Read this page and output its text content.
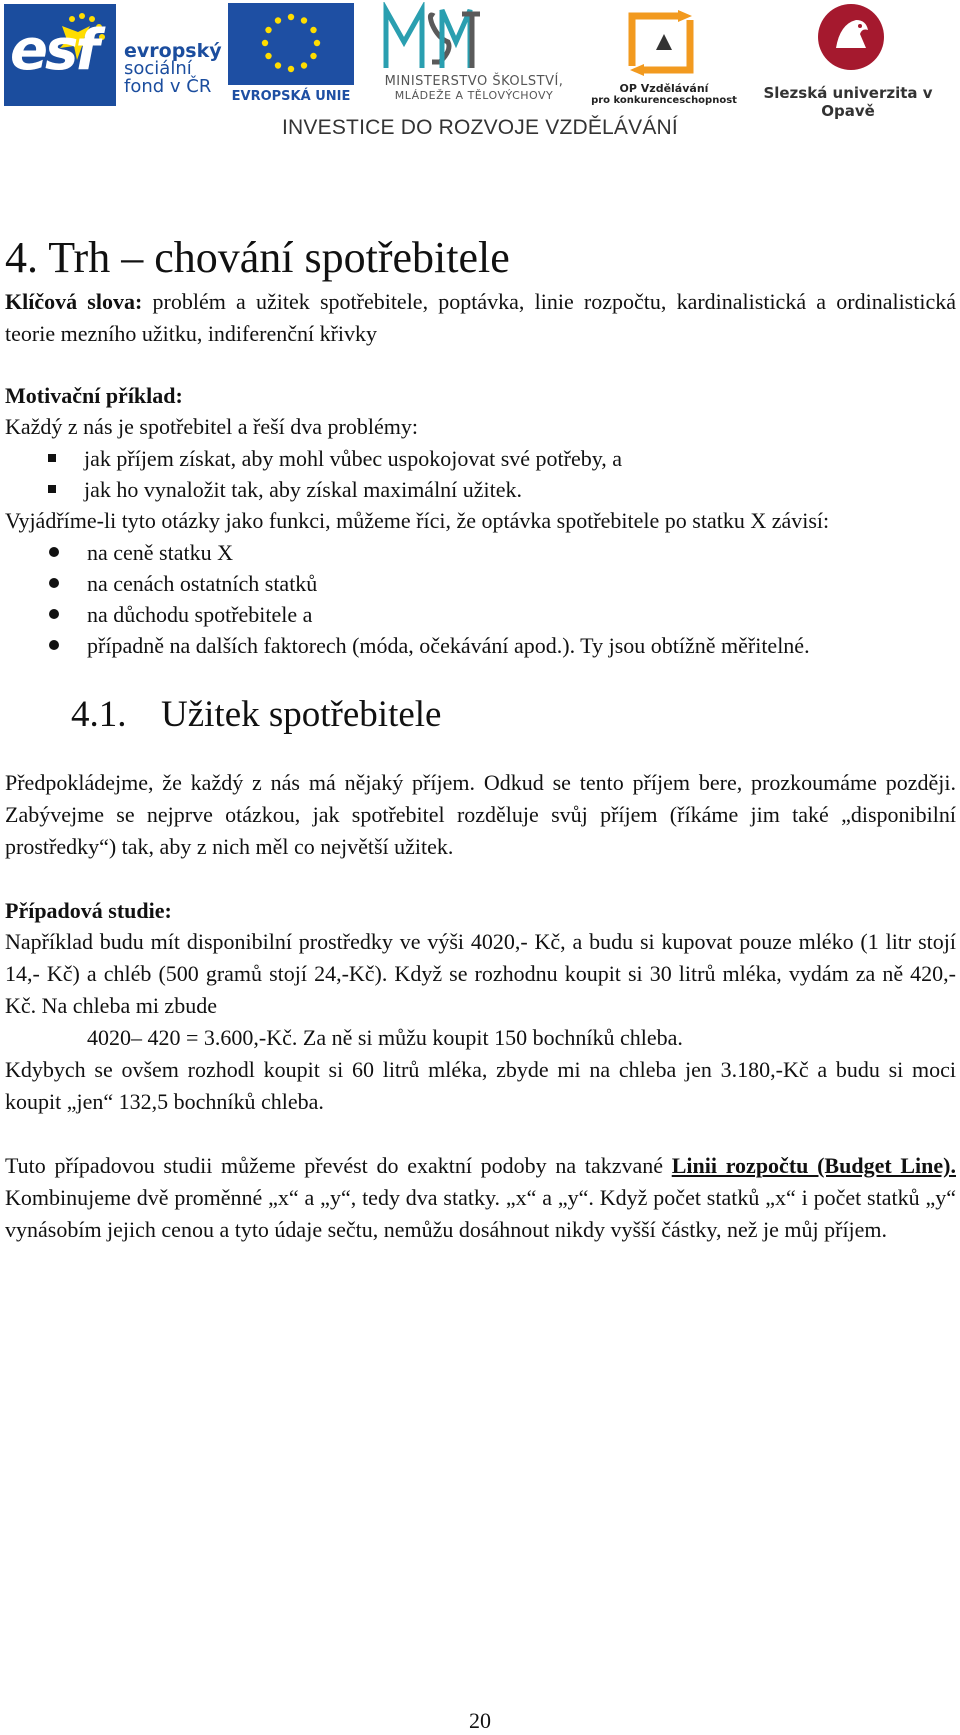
esf evropský
sociální
fond v ČR	EVROPSKÁ UNIE
MINISTERSTVO ŠKOLSTVÍ,
MLÁDEŽE A TĚLOVÝCHOVY
OP Vzdělávání
pro konkurenceschopnost	Slezská univerzita v Opavě
INVESTICE DO ROZVOJE VZDĚLÁVÁNÍ
4. Trh – chování spotřebitele

Klíčová slova: problém a užitek spotřebitele, poptávka, linie rozpočtu, kardinalistická a ordinalistická teorie mezního užitku, indiferenční křivky

Motivační příklad:
Každý z nás je spotřebitel a řeší dva problémy:
jak příjem získat, aby mohl vůbec uspokojovat své potřeby, a
jak ho vynaložit tak, aby získal maximální užitek.

Vyjádříme-li tyto otázky jako funkci, můžeme říci, že optávka spotřebitele po statku X závisí:

na ceně statku X
na cenách ostatních statků
na důchodu spotřebitele a
případně na dalších faktorech (móda, očekávání apod.). Ty jsou obtížně měřitelné.
4.1. Užitek spotřebitele

Předpokládejme, že každý z nás má nějaký příjem. Odkud se tento příjem bere, prozkoumáme později. Zabývejme se nejprve otázkou, jak spotřebitel rozděluje svůj příjem (říkáme jim také „disponibilní prostředky“) tak, aby z nich měl co největší užitek.

Případová studie:

Například budu mít disponibilní prostředky ve výši 4020,- Kč, a budu si kupovat pouze mléko (1 litr stojí 14,- Kč) a chléb (500 gramů stojí 24,-Kč). Když se rozhodnu koupit si 30 litrů mléka, vydám za ně 420,-Kč. Na chleba mi zbude

4020– 420 = 3.600,-Kč. Za ně si můžu koupit 150 bochníků chleba.

Kdybych se ovšem rozhodl koupit si 60 litrů mléka, zbyde mi na chleba jen 3.180,-Kč a budu si moci koupit „jen“ 132,5 bochníků chleba.

Tuto případovou studii můžeme převést do exaktní podoby na takzvané Linii rozpočtu (Budget Line). Kombinujeme dvě proměnné „x“ a „y“, tedy dva statky. „x“ a „y“. Když počet statků „x“ i počet statků „y“ vynásobím jejich cenou a tyto údaje sečtu, nemůžu dosáhnout nikdy vyšší částky, než je můj příjem.

20
